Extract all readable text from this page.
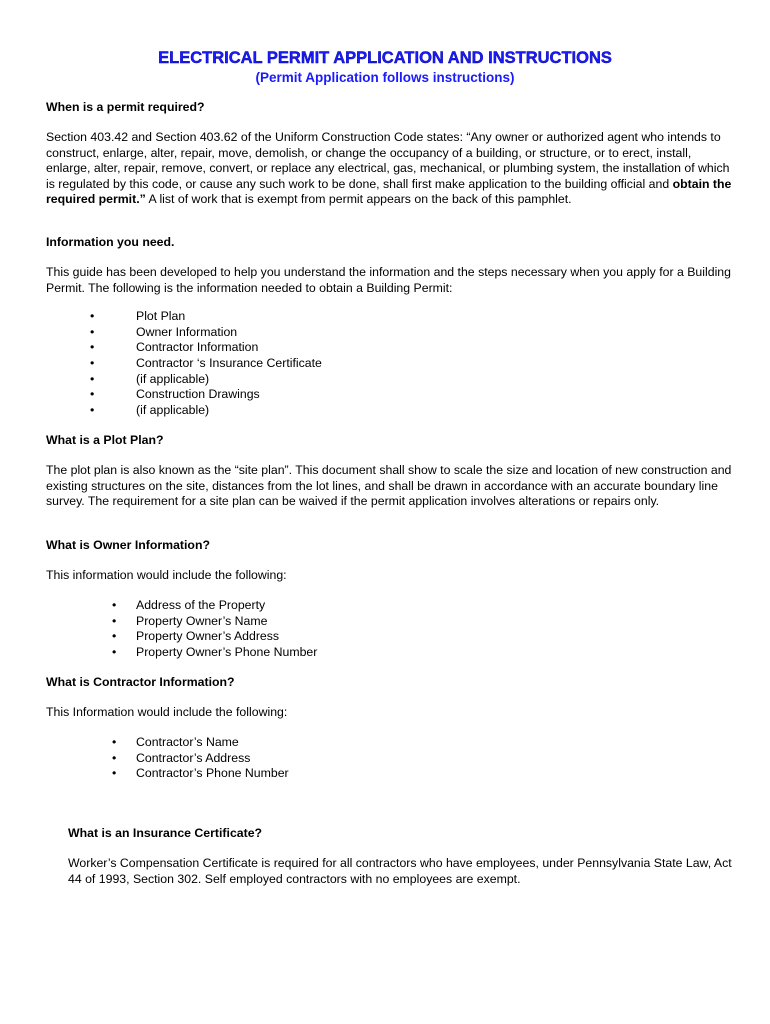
ELECTRICAL PERMIT APPLICATION AND INSTRUCTIONS
(Permit Application follows instructions)
When is a permit required?

Section 403.42 and Section 403.62 of the Uniform Construction Code states: “Any owner or authorized agent who intends to construct, enlarge, alter, repair, move, demolish, or change the occupancy of a building, or structure, or to erect, install, enlarge, alter, repair, remove, convert, or replace any electrical, gas, mechanical, or plumbing system, the installation of which is regulated by this code, or cause any such work to be done, shall first make application to the building official and obtain the required permit.” A list of work that is exempt from permit appears on the back of this pamphlet.

Information you need.

This guide has been developed to help you understand the information and the steps necessary when you apply for a Building Permit. The following is the information needed to obtain a Building Permit:

•	Plot Plan
•	Owner Information
•	Contractor Information
•	Contractor ‘s Insurance Certificate
•	(if applicable)
•	Construction Drawings
•	(if applicable)
What is a Plot Plan?

The plot plan is also known as the “site plan”. This document shall show to scale the size and location of new construction and existing structures on the site, distances from the lot lines, and shall be drawn in accordance with an accurate boundary line survey. The requirement for a site plan can be waived if the permit application involves alterations or repairs only.

What is Owner Information?

This information would include the following:

• Address of the Property
• Property Owner’s Name
• Property Owner’s Address
• Property Owner’s Phone Number
What is Contractor Information?

This Information would include the following:

• Contractor’s Name
• Contractor’s Address
• Contractor’s Phone Number
What is an Insurance Certificate?

Worker’s Compensation Certificate is required for all contractors who have employees, under Pennsylvania State Law, Act 44 of 1993, Section 302. Self employed contractors with no employees are exempt.
